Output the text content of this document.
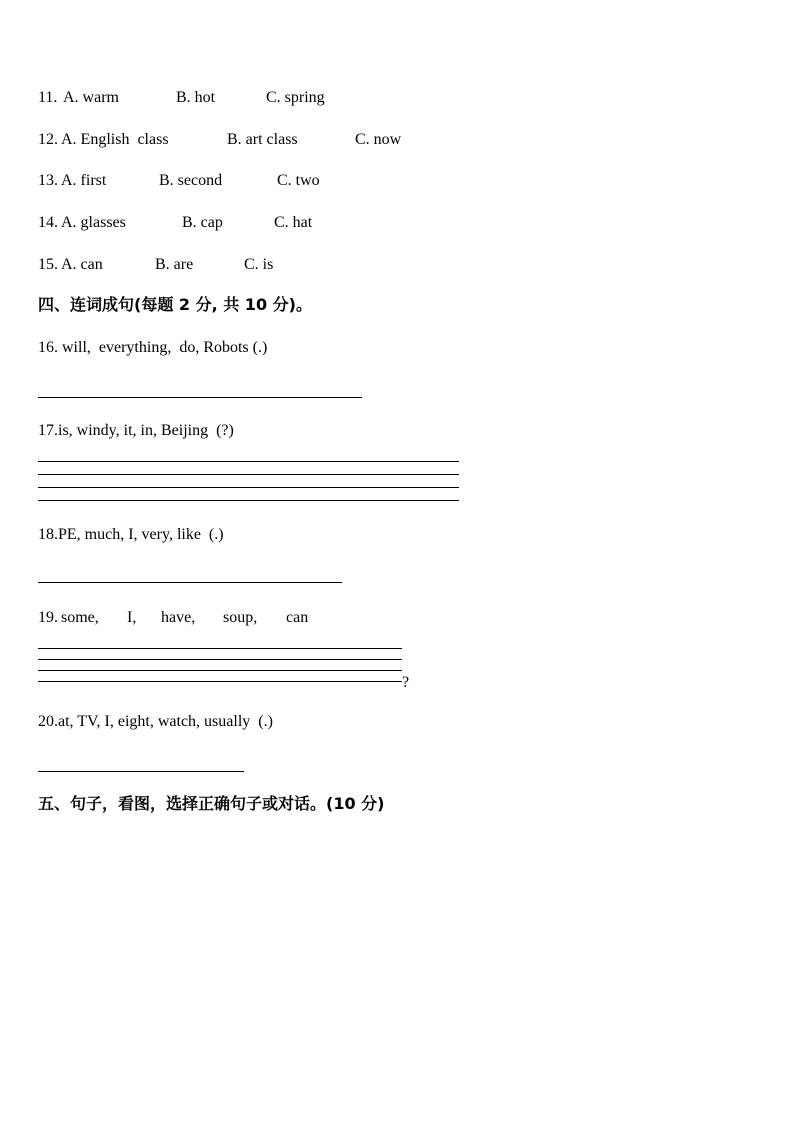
11. A. warm	B. hot	C. spring
12. A. English  class	B. art class	C. now
13. A. first	B. second	C. two
14. A. glasses	B. cap	C. hat
15. A. can	B. are	C. is
四、连词成句(每题 2 分, 共 10 分)。
16. will,  everything,  do, Robots (.)
17.is, windy, it, in, Beijing  (?)
18.PE, much, I, very, like  (.)
19. some, I, have, soup, can
?
20.at, TV, I, eight, watch, usually  (.)
五、句子，看图，选择正确句子或对话。(10 分)
